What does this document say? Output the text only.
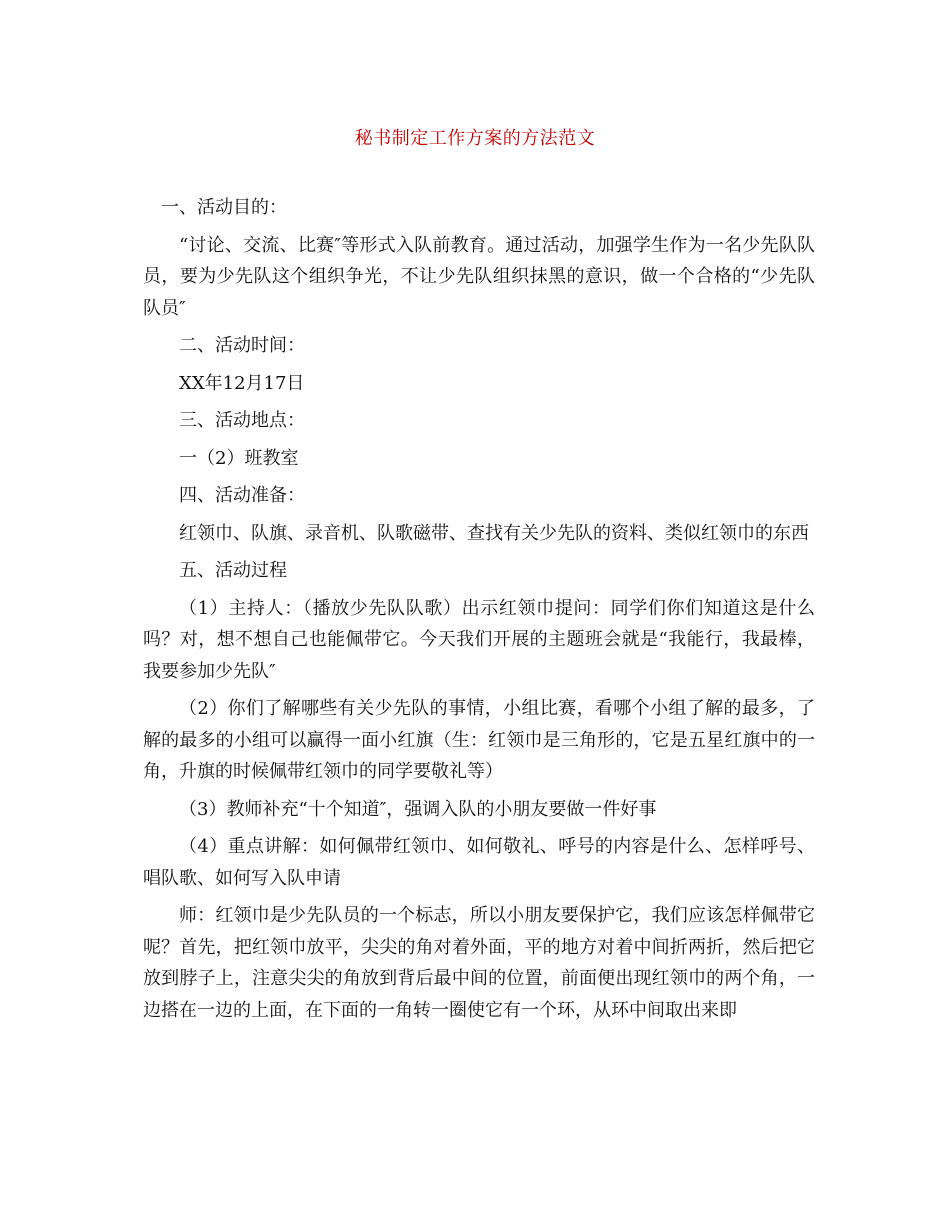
秘书制定工作方案的方法范文

一、活动目的：

“讨论、交流、比赛″等形式入队前教育。通过活动，加强学生作为一名少先队队员，要为少先队这个组织争光，不让少先队组织抹黑的意识，做一个合格的“少先队队员″

二、活动时间：

XX年12月17日

三、活动地点：

一（2）班教室

四、活动准备：

红领巾、队旗、录音机、队歌磁带、查找有关少先队的资料、类似红领巾的东西

五、活动过程

（1）主持人：（播放少先队队歌）出示红领巾提问：同学们你们知道这是什么吗？对，想不想自己也能佩带它。今天我们开展的主题班会就是“我能行，我最棒，我要参加少先队″

（2）你们了解哪些有关少先队的事情，小组比赛，看哪个小组了解的最多，了解的最多的小组可以赢得一面小红旗（生：红领巾是三角形的，它是五星红旗中的一角，升旗的时候佩带红领巾的同学要敬礼等）

（3）教师补充“十个知道″，强调入队的小朋友要做一件好事

（4）重点讲解：如何佩带红领巾、如何敬礼、呼号的内容是什么、怎样呼号、唱队歌、如何写入队申请

师：红领巾是少先队员的一个标志，所以小朋友要保护它，我们应该怎样佩带它呢？首先，把红领巾放平，尖尖的角对着外面，平的地方对着中间折两折，然后把它放到脖子上，注意尖尖的角放到背后最中间的位置，前面便出现红领巾的两个角，一边搭在一边的上面，在下面的一角转一圈使它有一个环，从环中间取出来即
